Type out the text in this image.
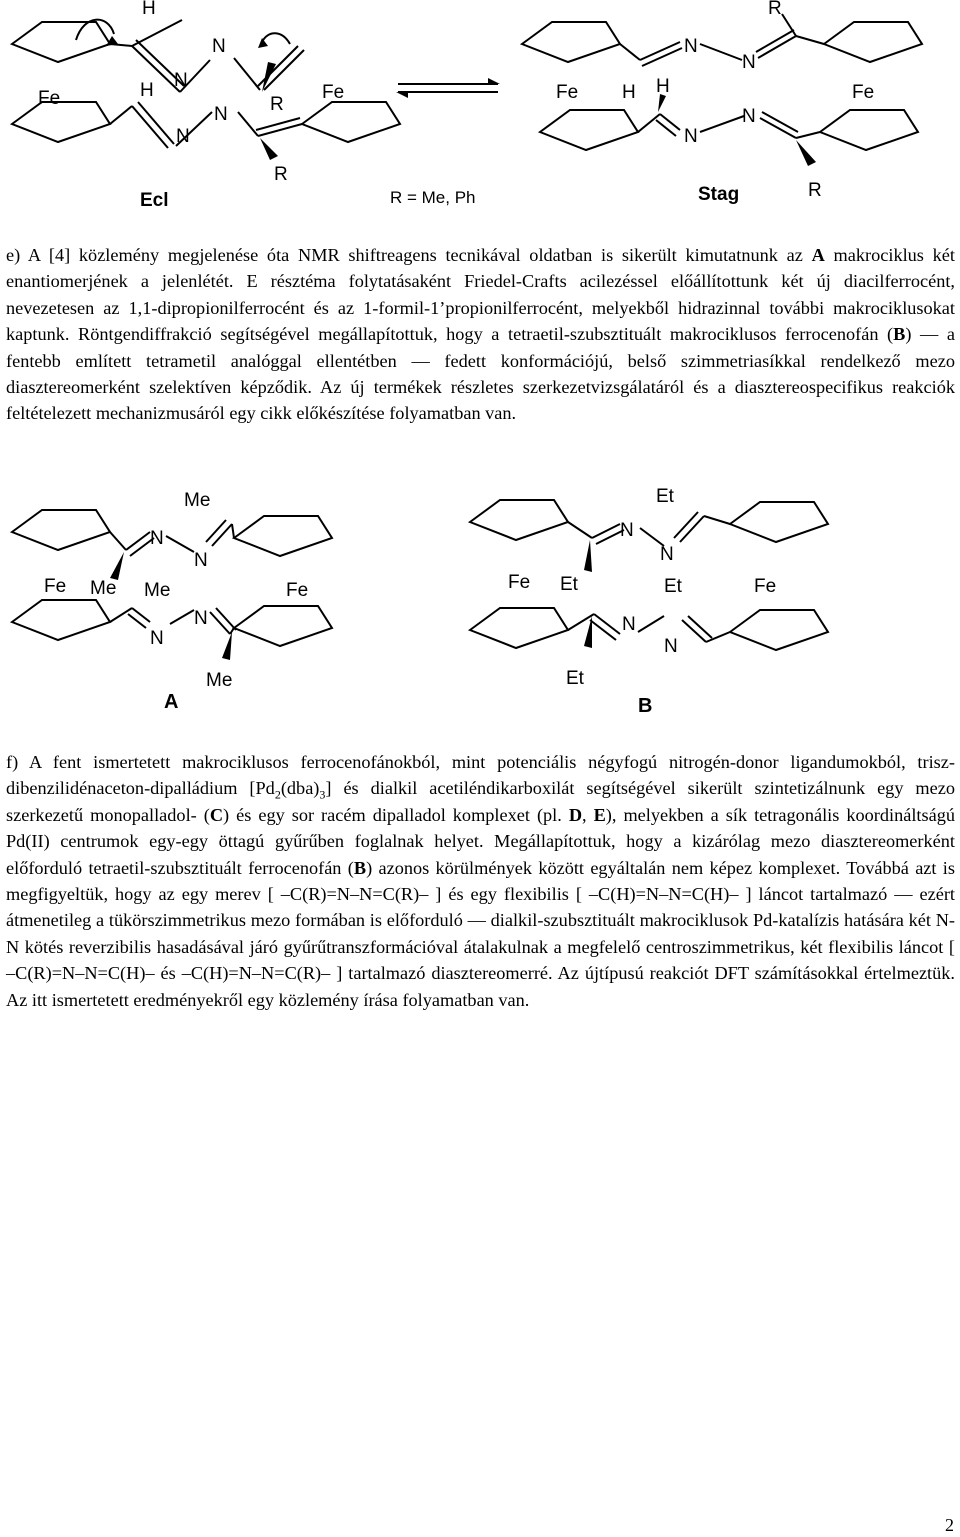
Fe
H
H
N
N
N
N
R
R
Fe
Ecl	R = Me, Ph
Fe H H
N
N
N
N
R
Fe
Stag	R

e) A [4] közlemény megjelenése óta NMR shiftreagens tecnikával oldatban is sikerült kimutatnunk az A makrociklus két enantiomerjének a jelenlétét. E résztéma folytatásaként Friedel-Crafts acilezéssel előállítottunk két új diacilferrocént, nevezetesen az 1,1-dipropionilferrocént és az 1-formil-1’propionilferrocént, melyekből hidrazinnal további makrociklusokat kaptunk. Röntgendiffrakció segítségével megállapítottuk, hogy a tetraetil-szubsztituált makrociklusos ferrocenofán (B) — a fentebb említett tetrametil analóggal ellentétben — fedett konformációjú, belső szimmetriasíkkal rendelkező mezo diasztereomerként szelektíven képződik. Az új termékek részletes szerkezetvizsgálatáról és a diasztereospecifikus reakciók feltételezett mechanizmusáról egy cikk előkészítése folyamatban van.

Me
N
N
Fe Me Me	Fe
N
N
Me
A
Et
N
N
Fe Et	Et	Fe
N
N
Et
B

f) A fent ismertetett makrociklusos ferrocenofánokból, mint potenciális négyfogú nitrogén-donor ligandumokból, trisz-dibenzilidénaceton-dipalládium $[Pd_2(dba)_3]$ és dialkil acetiléndikarboxilát segítségével sikerült szintetizálnunk egy mezo szerkezetű monopalladol- (C) és egy sor racém dipalladol komplexet (pl. D, E), melyekben a sík tetragonális koordináltságú Pd(II) centrumok egy-egy öttagú gyűrűben foglalnak helyet. Megállapítottuk, hogy a kizárólag mezo diasztereomerként előforduló tetraetil-szubsztituált ferrocenofán (B) azonos körülmények között egyáltalán nem képez komplexet. Továbbá azt is megfigyeltük, hogy az egy merev [ –C(R)=N–N=C(R)– ] és egy flexibilis [ –C(H)=N–N=C(H)– ] láncot tartalmazó — ezért átmenetileg a tükörszimmetrikus mezo formában is előforduló — dialkil-szubsztituált makrociklusok Pd-katalízis hatására két N-N kötés reverzibilis hasadásával járó gyűrűtranszformációval átalakulnak a megfelelő centroszimmetrikus, két flexibilis láncot [ –C(R)=N–N=C(H)– és –C(H)=N–N=C(R)– ] tartalmazó diasztereomerré. Az újtípusú reakciót DFT számításokkal értelmeztük. Az itt ismertetett eredményekről egy közlemény írása folyamatban van.

2
